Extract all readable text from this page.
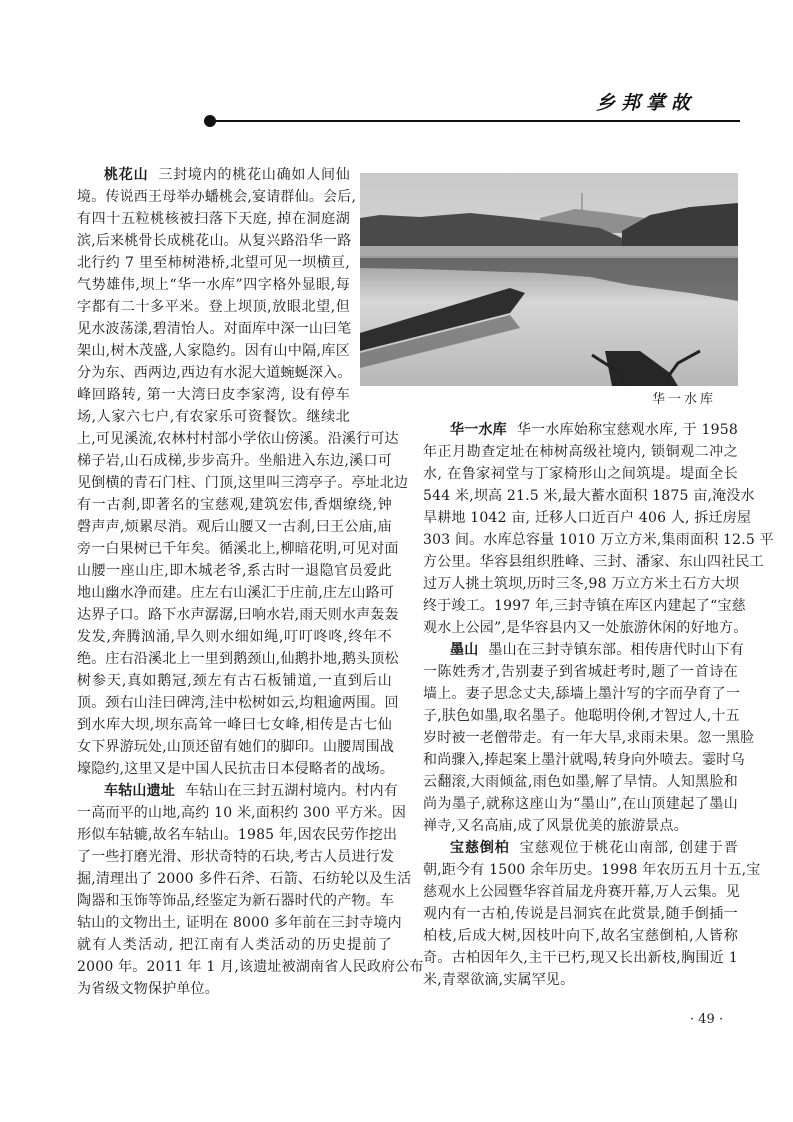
乡邦掌故
桃花山 三封境内的桃花山确如人间仙
境。传说西王母举办蟠桃会,宴请群仙。会后,
有四十五粒桃核被扫落下天庭, 掉在洞庭湖
滨,后来桃骨长成桃花山。从复兴路沿华一路
北行约 7 里至柿树港桥,北望可见一坝横亘,
气势雄伟,坝上“华一水库”四字格外显眼,每
字都有二十多平米。登上坝顶,放眼北望,但
见水波荡漾,碧清怡人。对面库中深一山曰笔
架山,树木茂盛,人家隐约。因有山中隔,库区
分为东、西两边,西边有水泥大道蜿蜒深入。
峰回路转, 第一大湾曰皮李家湾, 设有停车
场,人家六七户,有农家乐可资餐饮。继续北
上,可见溪流,农林村村部小学依山傍溪。沿溪行可达
梯子岩,山石成梯,步步高升。坐船进入东边,溪口可
见倒横的青石门柱、门顶,这里叫三湾亭子。亭址北边
有一古刹,即著名的宝慈观,建筑宏伟,香烟缭绕,钟
磬声声,烦累尽消。观后山腰又一古刹,曰王公庙,庙
旁一白果树已千年矣。循溪北上,柳暗花明,可见对面
山腰一座山庄,即木城老爷,系古时一退隐官员爱此
地山幽水净而建。庄左右山溪汇于庄前,庄左山路可
达界子口。路下水声潺潺,曰响水岩,雨天则水声轰轰
发发,奔腾汹涌,旱久则水细如绳,叮叮咚咚,终年不
绝。庄右沿溪北上一里到鹅颈山,仙鹅扑地,鹅头顶松
树参天,真如鹅冠,颈左有古石板铺道,一直到后山
顶。颈右山洼曰碑湾,洼中松树如云,均粗逾两围。回
到水库大坝,坝东高耸一峰曰七女峰,相传是古七仙
女下界游玩处,山顶还留有她们的脚印。山腰周围战
壕隐约,这里又是中国人民抗击日本侵略者的战场。
车轱山遗址 车轱山在三封五湖村境内。村内有
一高而平的山地,高约 10 米,面积约 300 平方米。因
形似车轱辘,故名车轱山。1985 年,因农民劳作挖出
了一些打磨光滑、形状奇特的石块,考古人员进行发
掘,清理出了 2000 多件石斧、石箭、石纺轮以及生活
陶器和玉饰等饰品,经鉴定为新石器时代的产物。车
轱山的文物出土, 证明在 8000 多年前在三封寺境内
就有人类活动, 把江南有人类活动的历史提前了
2000 年。2011 年 1 月,该遗址被湖南省人民政府公布
为省级文物保护单位。
华一水库 华一水库始称宝慈观水库, 于 1958
年正月勘查定址在柿树高级社境内, 锁铜观二冲之
水, 在鲁家祠堂与丁家椅形山之间筑堤。堤面全长
544 米,坝高 21.5 米,最大蓄水面积 1875 亩,淹没水
旱耕地 1042 亩, 迁移人口近百户 406 人, 拆迁房屋
303 间。水库总容量 1010 万立方米,集雨面积 12.5 平
方公里。华容县组织胜峰、三封、潘家、东山四社民工
过万人挑土筑坝,历时三冬,98 万立方米土石方大坝
终于竣工。1997 年,三封寺镇在库区内建起了“宝慈
观水上公园”,是华容县内又一处旅游休闲的好地方。
墨山 墨山在三封寺镇东部。相传唐代时山下有
一陈姓秀才,告别妻子到省城赶考时,题了一首诗在
墙上。妻子思念丈夫,舔墙上墨汁写的字而孕育了一
子,肤色如墨,取名墨子。他聪明伶俐,才智过人,十五
岁时被一老僧带走。有一年大旱,求雨未果。忽一黑脸
和尚骤入,捧起案上墨汁就喝,转身向外喷去。霎时乌
云翻滚,大雨倾盆,雨色如墨,解了旱情。人知黑脸和
尚为墨子,就称这座山为“墨山”,在山顶建起了墨山
禅寺,又名高庙,成了风景优美的旅游景点。
宝慈倒柏 宝慈观位于桃花山南部, 创建于晋
朝,距今有 1500 余年历史。1998 年农历五月十五,宝
慈观水上公园暨华容首届龙舟赛开幕,万人云集。见
观内有一古柏,传说是吕洞宾在此赏景,随手倒插一
柏枝,后成大树,因枝叶向下,故名宝慈倒柏,人皆称
奇。古柏因年久,主干已朽,现又长出新枝,胸围近 1
米,青翠欲滴,实属罕见。
华一水库
· 49 ·
